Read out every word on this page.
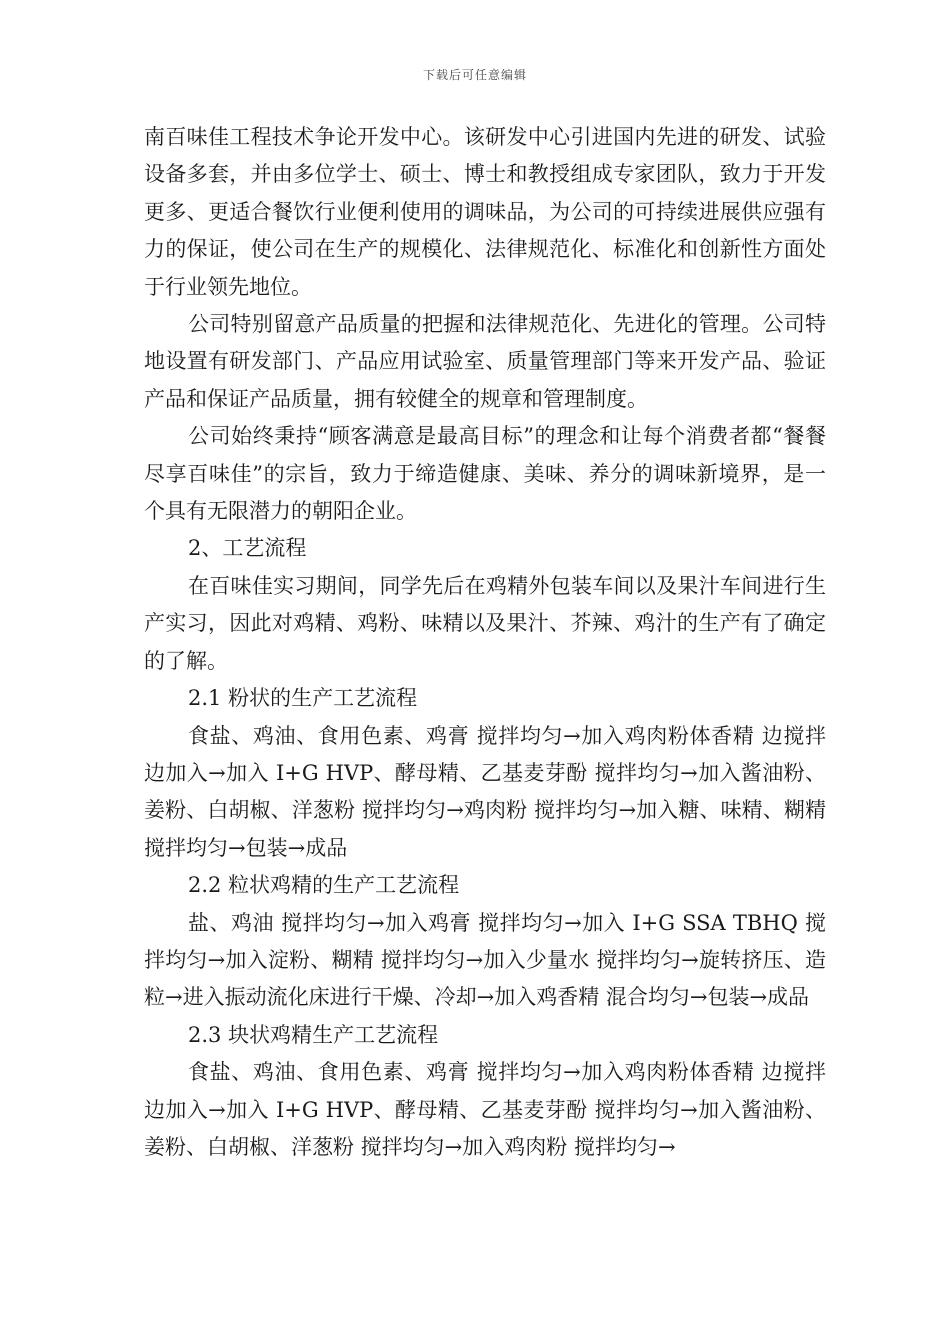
下载后可任意编辑

南百味佳工程技术争论开发中心。该研发中心引进国内先进的研发、试验设备多套，并由多位学士、硕士、博士和教授组成专家团队，致力于开发更多、更适合餐饮行业便利使用的调味品，为公司的可持续进展供应强有力的保证，使公司在生产的规模化、法律规范化、标准化和创新性方面处于行业领先地位。

公司特别留意产品质量的把握和法律规范化、先进化的管理。公司特地设置有研发部门、产品应用试验室、质量管理部门等来开发产品、验证产品和保证产品质量，拥有较健全的规章和管理制度。

公司始终秉持“顾客满意是最高目标”的理念和让每个消费者都“餐餐尽享百味佳”的宗旨，致力于缔造健康、美味、养分的调味新境界，是一个具有无限潜力的朝阳企业。

2、工艺流程

在百味佳实习期间，同学先后在鸡精外包装车间以及果汁车间进行生产实习，因此对鸡精、鸡粉、味精以及果汁、芥辣、鸡汁的生产有了确定的了解。

2.1 粉状的生产工艺流程

食盐、鸡油、食用色素、鸡膏 搅拌均匀→加入鸡肉粉体香精 边搅拌边加入→加入 I+G HVP、酵母精、乙基麦芽酚 搅拌均匀→加入酱油粉、姜粉、白胡椒、洋葱粉 搅拌均匀→鸡肉粉 搅拌均匀→加入糖、味精、糊精 搅拌均匀→包装→成品

2.2 粒状鸡精的生产工艺流程

盐、鸡油 搅拌均匀→加入鸡膏 搅拌均匀→加入 I+G SSA TBHQ 搅拌均匀→加入淀粉、糊精 搅拌均匀→加入少量水 搅拌均匀→旋转挤压、造粒→进入振动流化床进行干燥、冷却→加入鸡香精 混合均匀→包装→成品

2.3 块状鸡精生产工艺流程

食盐、鸡油、食用色素、鸡膏 搅拌均匀→加入鸡肉粉体香精 边搅拌边加入→加入 I+G HVP、酵母精、乙基麦芽酚 搅拌均匀→加入酱油粉、姜粉、白胡椒、洋葱粉 搅拌均匀→加入鸡肉粉 搅拌均匀→
